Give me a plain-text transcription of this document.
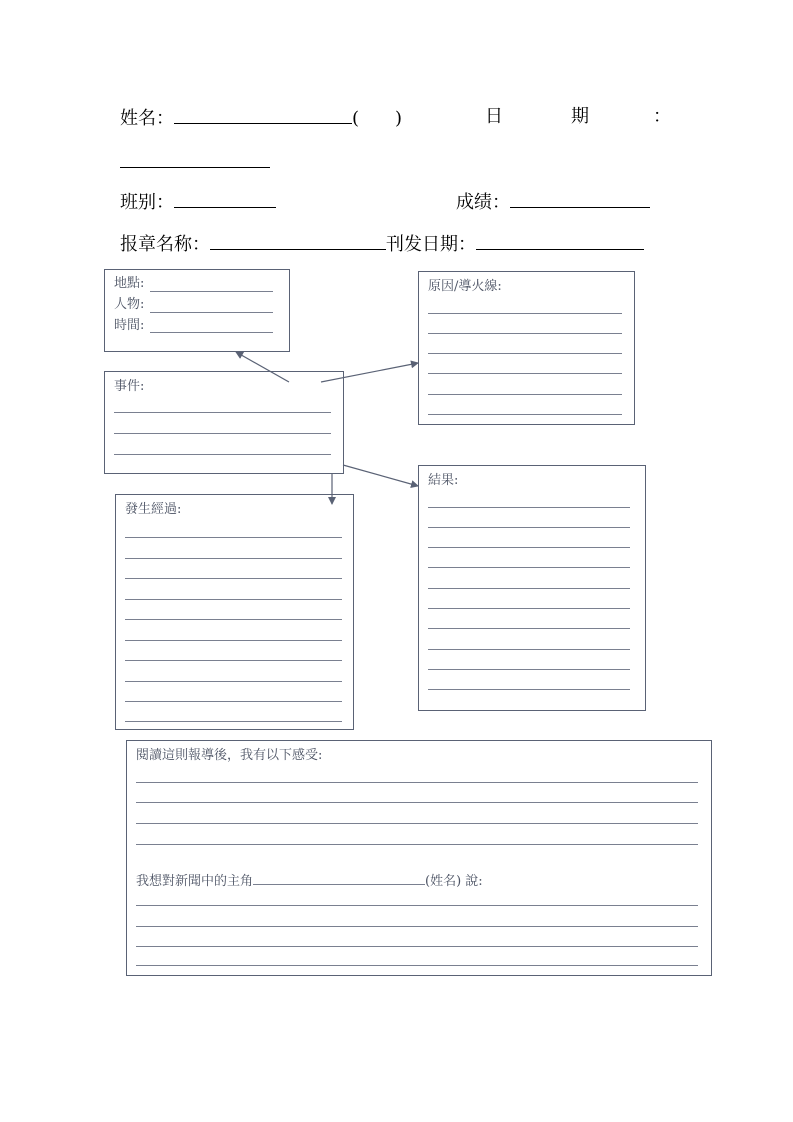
姓名：	( )	日	期	：
班别：	成绩：
报章名称：	刊发日期：
地點:
人物:
時間:
事件:
原因/導火線:
結果:
發生經過:
閱讀這則報導後，我有以下感受:
我想對新聞中的主角	(姓名) 說:
